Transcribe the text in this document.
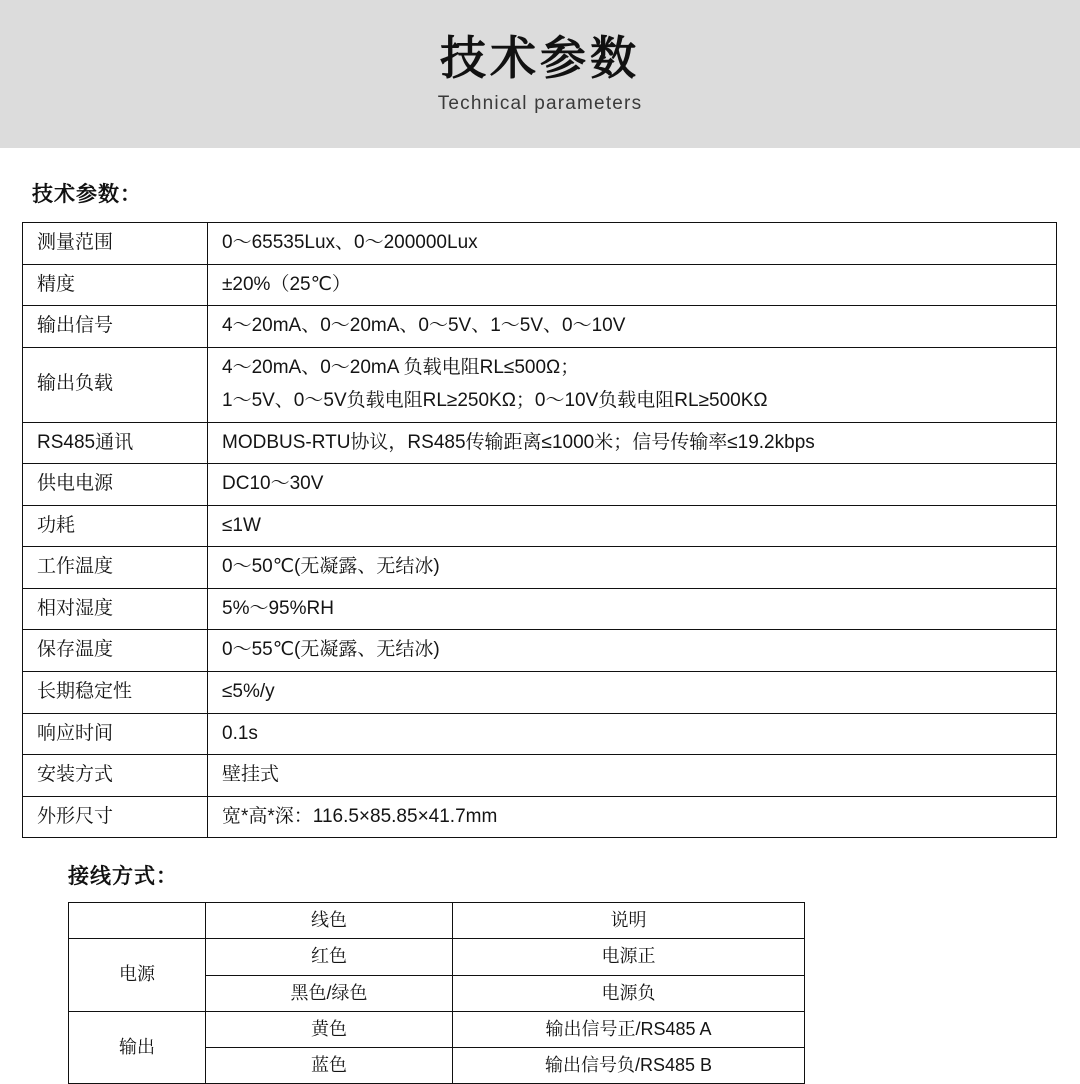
技术参数
Technical parameters
技术参数：
测量范围	0～65535Lux、0～200000Lux
精度	±20%（25℃）
输出信号	4～20mA、0～20mA、0～5V、1～5V、0～10V
输出负载	4～20mA、0～20mA 负载电阻RL≤500Ω；
1～5V、0～5V负载电阻RL≥250KΩ；0～10V负载电阻RL≥500KΩ

RS485通讯	MODBUS-RTU协议，RS485传输距离≤1000米；信号传输率≤19.2kbps
供电电源	DC10～30V
功耗	≤1W
工作温度	0～50℃(无凝露、无结冰)
相对湿度	5%～95%RH
保存温度	0～55℃(无凝露、无结冰)
长期稳定性	≤5%/y
响应时间	0.1s
安装方式	壁挂式
外形尺寸	宽*高*深：116.5×85.85×41.7mm
接线方式：
	线色	说明
电源	红色	电源正
	黑色/绿色	电源负
输出	黄色	输出信号正/RS485 A
	蓝色	输出信号负/RS485 B
